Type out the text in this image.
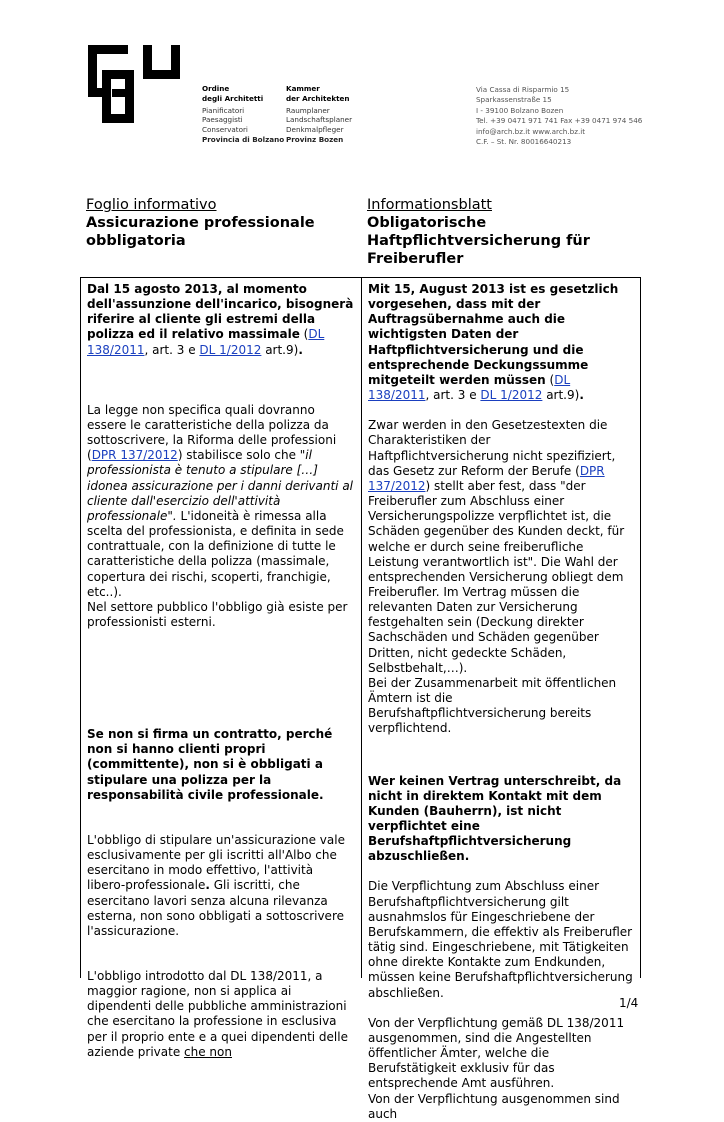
Ordine
degli Architetti
Pianificatori
Paesaggisti
Conservatori
Provincia di Bolzano
Kammer
der Architekten
Raumplaner
Landschaftsplaner
Denkmalpfleger
Provinz Bozen
Via Cassa di Risparmio 15
Sparkassenstraße 15
I - 39100 Bolzano Bozen
Tel. +39 0471 971 741 Fax +39 0471 974 546
info@arch.bz.it www.arch.bz.it
C.F. – St. Nr. 80016640213
Foglio informativo
Assicurazione professionale obbligatoria
Informationsblatt
Obligatorische Haftpflichtversicherung für Freiberufler

Dal 15 agosto 2013, al momento dell'assunzione dell'incarico, bisognerà riferire al cliente gli estremi della polizza ed il relativo massimale (DL 138/2011, art. 3 e DL 1/2012 art.9).

La legge non specifica quali dovranno essere le caratteristiche della polizza da sottoscrivere, la Riforma delle professioni (DPR 137/2012) stabilisce solo che "il professionista è tenuto a stipulare […] idonea assicurazione per i danni derivanti al cliente dall'esercizio dell'attività professionale". L'idoneità è rimessa alla scelta del professionista, e definita in sede contrattuale, con la definizione di tutte le caratteristiche della polizza (massimale, copertura dei rischi, scoperti, franchigie, etc..).

Nel settore pubblico l'obbligo già esiste per professionisti esterni.

Se non si firma un contratto, perché non si hanno clienti propri (committente), non si è obbligati a stipulare una polizza per la responsabilità civile professionale.

L'obbligo di stipulare un'assicurazione vale esclusivamente per gli iscritti all'Albo che esercitano in modo effettivo, l'attività libero-professionale. Gli iscritti, che esercitano lavori senza alcuna rilevanza esterna, non sono obbligati a sottoscrivere l'assicurazione.

L'obbligo introdotto dal DL 138/2011, a maggior ragione, non si applica ai dipendenti delle pubbliche amministrazioni che esercitano la professione in esclusiva per il proprio ente e a quei dipendenti delle aziende private che non

Mit 15, August 2013 ist es gesetzlich vorgesehen, dass mit der Auftragsübernahme auch die wichtigsten Daten der Haftpflichtversicherung und die entsprechende Deckungssumme mitgeteilt werden müssen (DL 138/2011, art. 3 e DL 1/2012 art.9).

Zwar werden in den Gesetzestexten die Charakteristiken der Haftpflichtversicherung nicht spezifiziert, das Gesetz zur Reform der Berufe (DPR 137/2012) stellt aber fest, dass "der Freiberufler zum Abschluss einer Versicherungspolizze verpflichtet ist, die Schäden gegenüber des Kunden deckt, für welche er durch seine freiberufliche Leistung verantwortlich ist". Die Wahl der entsprechenden Versicherung obliegt dem Freiberufler. Im Vertrag müssen die relevanten Daten zur Versicherung festgehalten sein (Deckung direkter Sachschäden und Schäden gegenüber Dritten, nicht gedeckte Schäden, Selbstbehalt,…).

Bei der Zusammenarbeit mit öffentlichen Ämtern ist die Berufshaftpflichtversicherung bereits verpflichtend.

Wer keinen Vertrag unterschreibt, da nicht in direktem Kontakt mit dem Kunden (Bauherrn), ist nicht verpflichtet eine Berufshaftpflichtversicherung abzuschließen.

Die Verpflichtung zum Abschluss einer Berufshaftpflichtversicherung gilt ausnahmslos für Eingeschriebene der Berufskammern, die effektiv als Freiberufler tätig sind. Eingeschriebene, mit Tätigkeiten ohne direkte Kontakte zum Endkunden, müssen keine Berufshaftpflichtversicherung abschließen.

Von der Verpflichtung gemäß DL 138/2011 ausgenommen, sind die Angestellten öffentlicher Ämter, welche die Berufstätigkeit exklusiv für das entsprechende Amt ausführen.

Von der Verpflichtung ausgenommen sind auch

1/4
